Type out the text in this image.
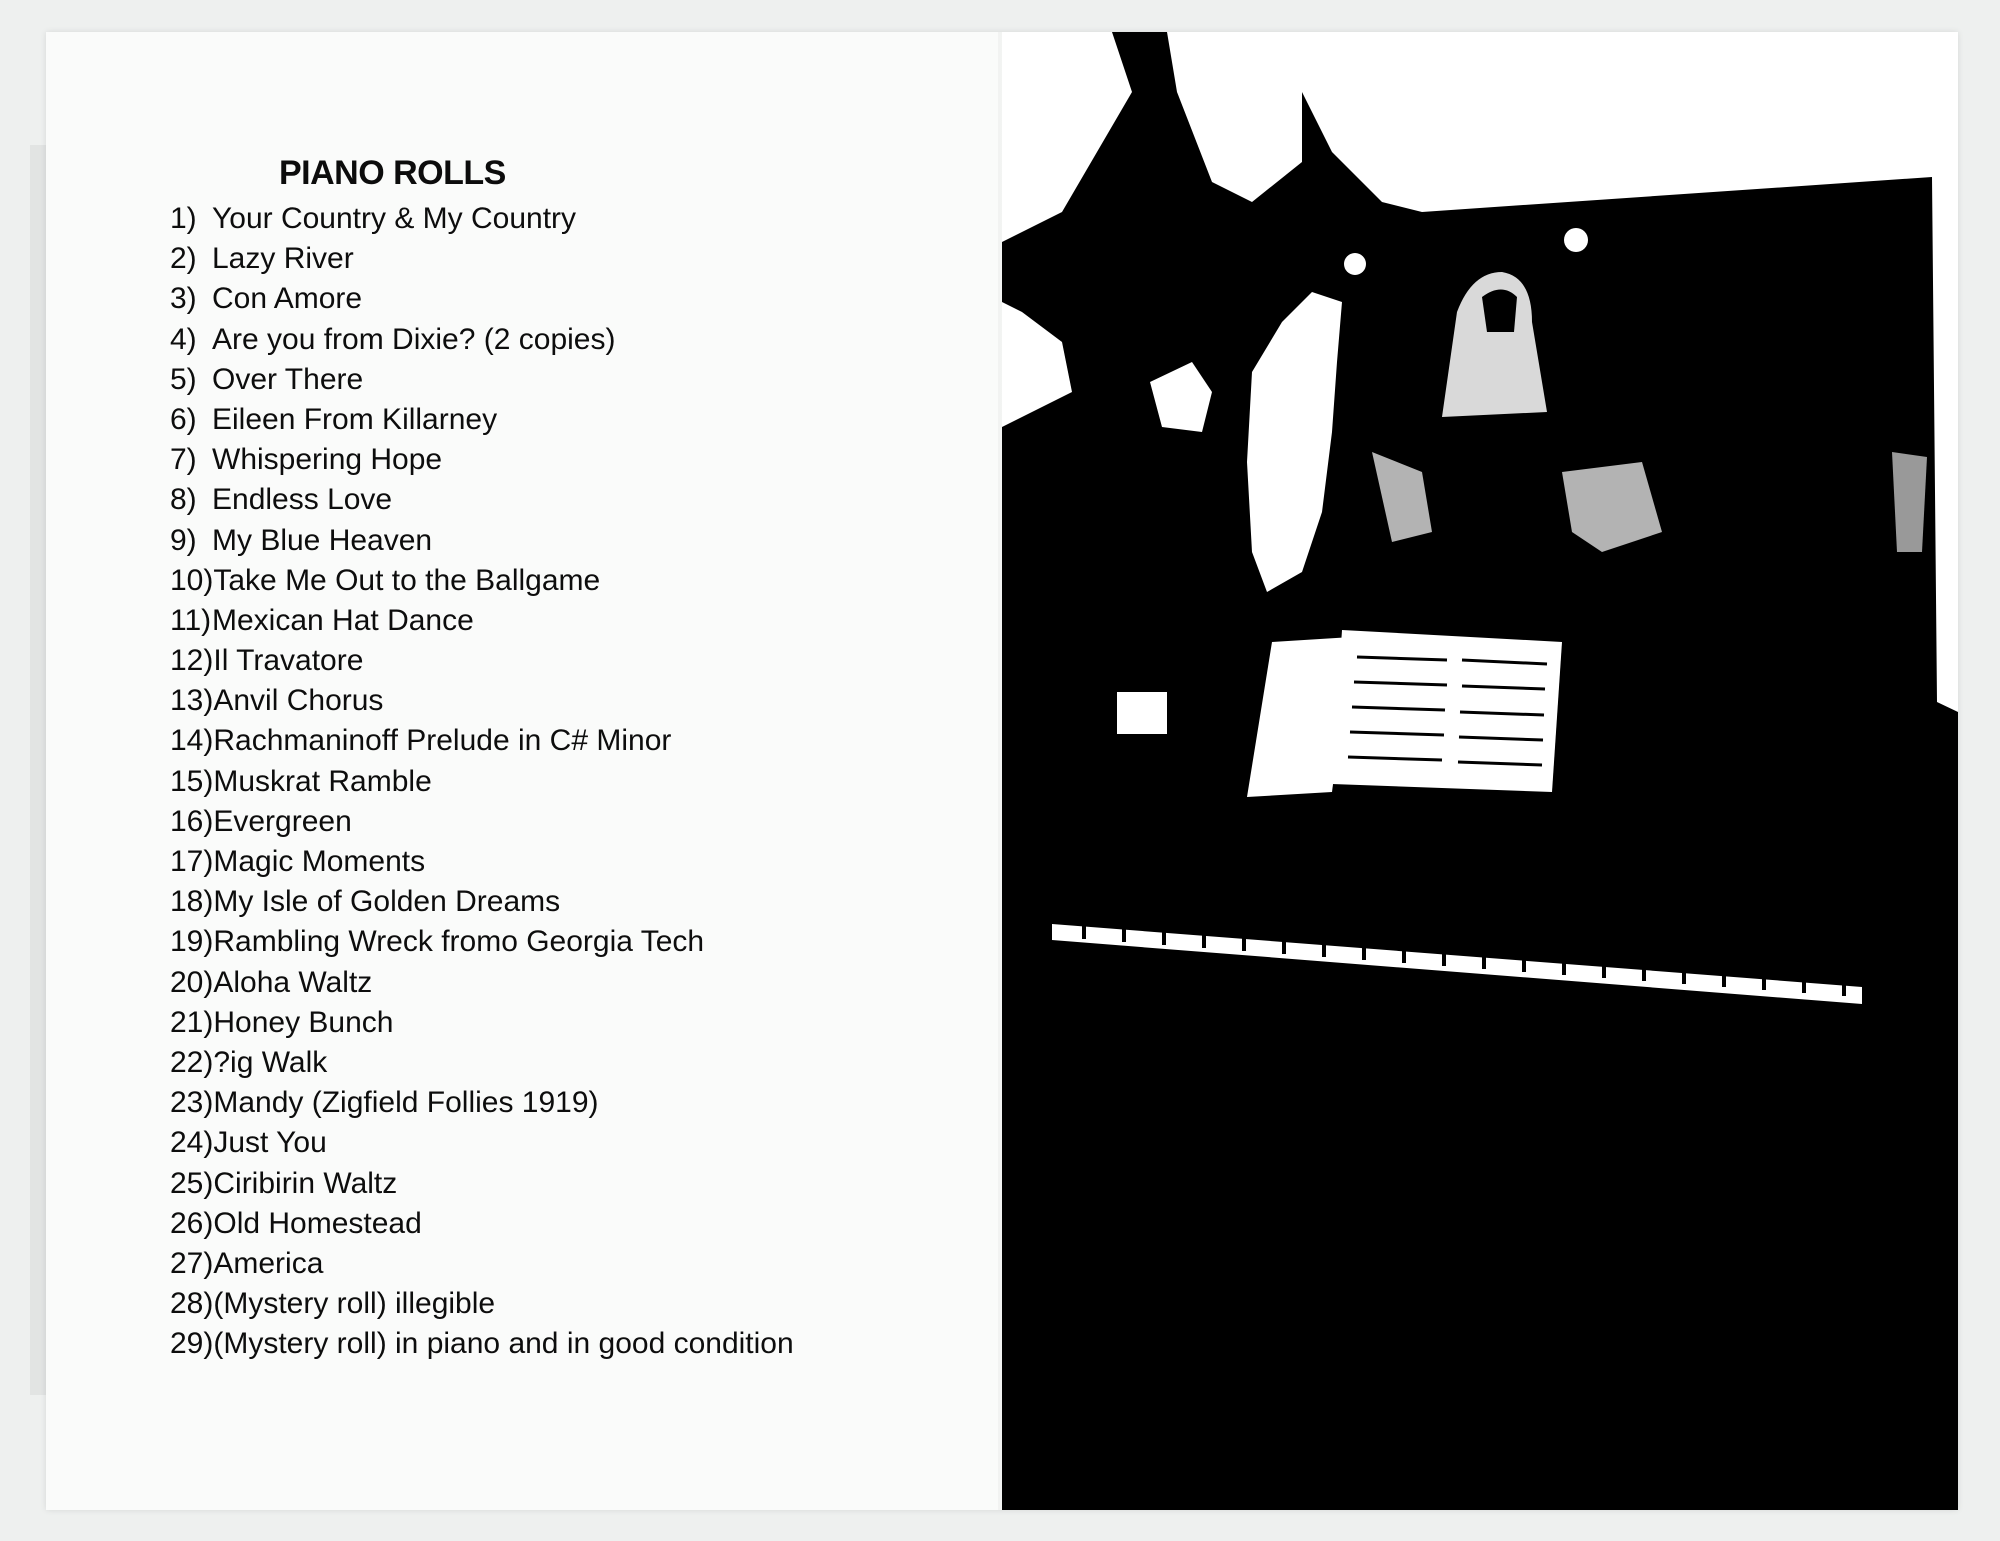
PIANO ROLLS
1) Your Country & My Country
2) Lazy River
3) Con Amore
4) Are you from Dixie? (2 copies)
5) Over There
6) Eileen From Killarney
7) Whispering Hope
8) Endless Love
9) My Blue Heaven
10)Take Me Out to the Ballgame
11)Mexican Hat Dance
12)Il Travatore
13)Anvil Chorus
14)Rachmaninoff Prelude in C# Minor
15)Muskrat Ramble
16)Evergreen
17)Magic Moments
18)My Isle of Golden Dreams
19)Rambling Wreck fromo Georgia Tech
20)Aloha Waltz
21)Honey Bunch
22)?ig Walk
23)Mandy (Zigfield Follies 1919)
24)Just You
25)Ciribirin Waltz
26)Old Homestead
27)America
28)(Mystery roll) illegible
29)(Mystery roll) in piano and in good condition
